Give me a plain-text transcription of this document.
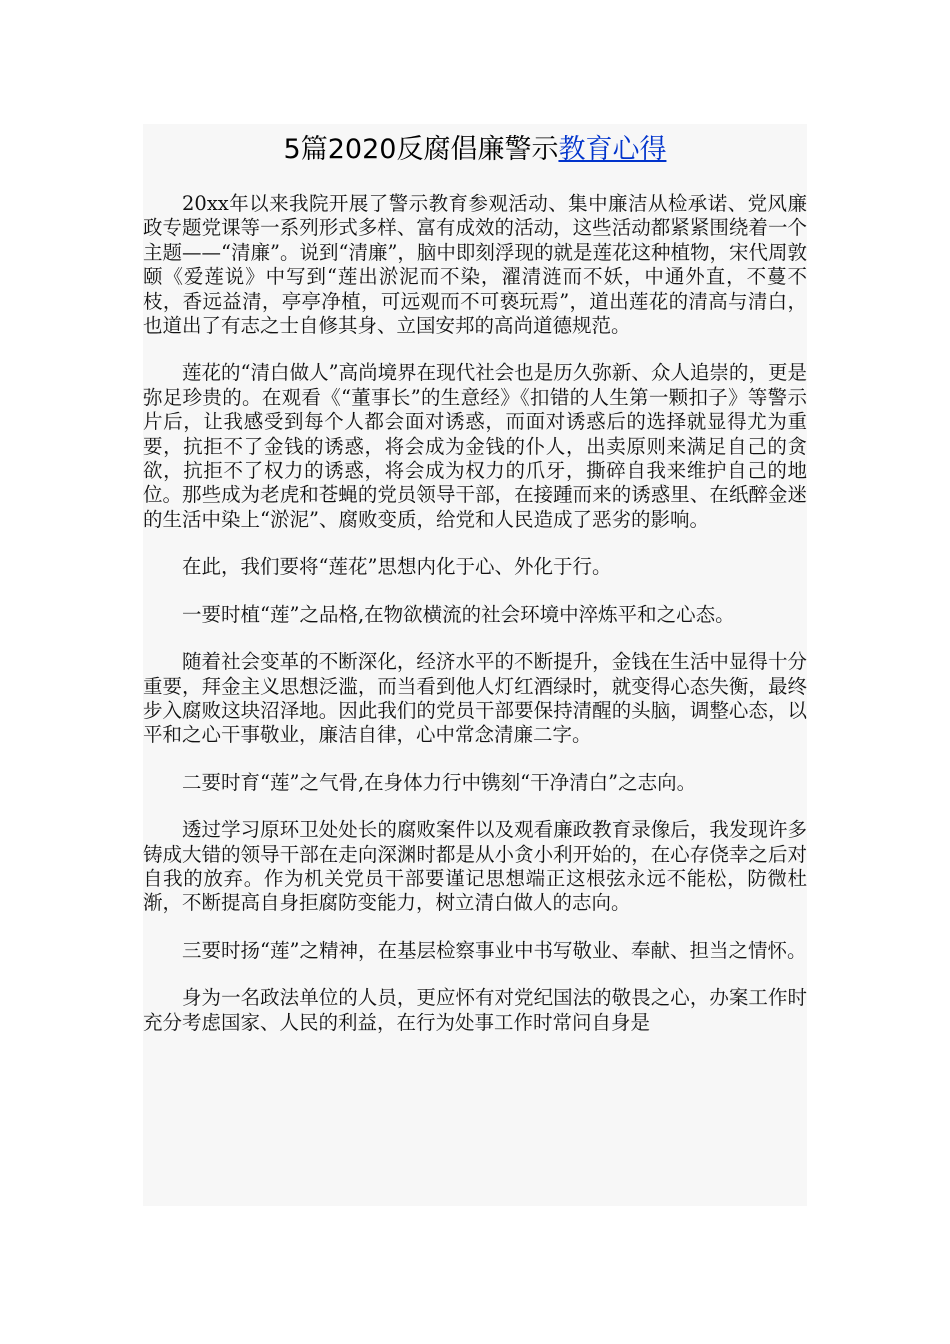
5篇2020反腐倡廉警示教育心得

20xx年以来我院开展了警示教育参观活动、集中廉洁从检承诺、党风廉政专题党课等一系列形式多样、富有成效的活动，这些活动都紧紧围绕着一个主题——“清廉”。说到“清廉”，脑中即刻浮现的就是莲花这种植物，宋代周敦颐《爱莲说》中写到“莲出淤泥而不染，濯清涟而不妖，中通外直，不蔓不枝，香远益清，亭亭净植，可远观而不可亵玩焉”，道出莲花的清高与清白，也道出了有志之士自修其身、立国安邦的高尚道德规范。

莲花的“清白做人”高尚境界在现代社会也是历久弥新、众人追崇的，更是弥足珍贵的。在观看《“董事长”的生意经》《扣错的人生第一颗扣子》等警示片后，让我感受到每个人都会面对诱惑，而面对诱惑后的选择就显得尤为重要，抗拒不了金钱的诱惑，将会成为金钱的仆人，出卖原则来满足自己的贪欲，抗拒不了权力的诱惑，将会成为权力的爪牙，撕碎自我来维护自己的地位。那些成为老虎和苍蝇的党员领导干部，在接踵而来的诱惑里、在纸醉金迷的生活中染上“淤泥”、腐败变质，给党和人民造成了恶劣的影响。

在此，我们要将“莲花”思想内化于心、外化于行。

一要时植“莲”之品格,在物欲横流的社会环境中淬炼平和之心态。

随着社会变革的不断深化，经济水平的不断提升，金钱在生活中显得十分重要，拜金主义思想泛滥，而当看到他人灯红酒绿时，就变得心态失衡，最终步入腐败这块沼泽地。因此我们的党员干部要保持清醒的头脑，调整心态，以平和之心干事敬业，廉洁自律，心中常念清廉二字。

二要时育“莲”之气骨,在身体力行中镌刻“干净清白”之志向。

透过学习原环卫处处长的腐败案件以及观看廉政教育录像后，我发现许多铸成大错的领导干部在走向深渊时都是从小贪小利开始的，在心存侥幸之后对自我的放弃。作为机关党员干部要谨记思想端正这根弦永远不能松，防微杜渐，不断提高自身拒腐防变能力，树立清白做人的志向。

三要时扬“莲”之精神，在基层检察事业中书写敬业、奉献、担当之情怀。

身为一名政法单位的人员，更应怀有对党纪国法的敬畏之心，办案工作时充分考虑国家、人民的利益，在行为处事工作时常问自身是
